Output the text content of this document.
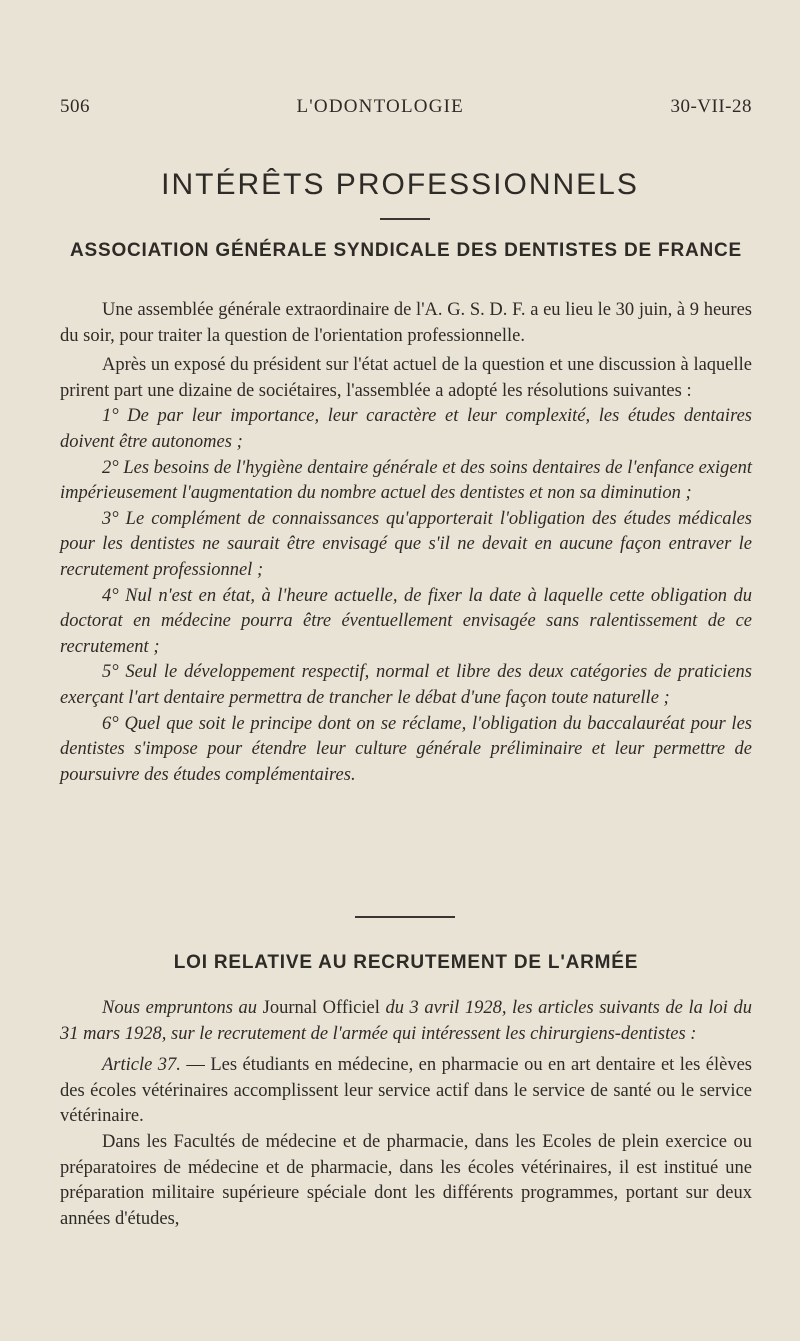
506	L'ODONTOLOGIE	30-VII-28
INTÉRÊTS PROFESSIONNELS
ASSOCIATION GÉNÉRALE SYNDICALE DES DENTISTES DE FRANCE

Une assemblée générale extraordinaire de l'A. G. S. D. F. a eu lieu le 30 juin, à 9 heures du soir, pour traiter la question de l'orientation professionnelle.

Après un exposé du président sur l'état actuel de la question et une discussion à laquelle prirent part une dizaine de sociétaires, l'assemblée a adopté les résolutions suivantes :

1° De par leur importance, leur caractère et leur complexité, les études dentaires doivent être autonomes ;

2° Les besoins de l'hygiène dentaire générale et des soins dentaires de l'enfance exigent impérieusement l'augmentation du nombre actuel des dentistes et non sa diminution ;

3° Le complément de connaissances qu'apporterait l'obligation des études médicales pour les dentistes ne saurait être envisagé que s'il ne devait en aucune façon entraver le recrutement professionnel ;

4° Nul n'est en état, à l'heure actuelle, de fixer la date à laquelle cette obligation du doctorat en médecine pourra être éventuellement envisagée sans ralentissement de ce recrutement ;

5° Seul le développement respectif, normal et libre des deux catégories de praticiens exerçant l'art dentaire permettra de trancher le débat d'une façon toute naturelle ;

6° Quel que soit le principe dont on se réclame, l'obligation du baccalauréat pour les dentistes s'impose pour étendre leur culture générale préliminaire et leur permettre de poursuivre des études complémentaires.

LOI RELATIVE AU RECRUTEMENT DE L'ARMÉE

Nous empruntons au Journal Officiel du 3 avril 1928, les articles suivants de la loi du 31 mars 1928, sur le recrutement de l'armée qui intéressent les chirurgiens-dentistes :

Article 37. — Les étudiants en médecine, en pharmacie ou en art dentaire et les élèves des écoles vétérinaires accomplissent leur service actif dans le service de santé ou le service vétérinaire.

Dans les Facultés de médecine et de pharmacie, dans les Ecoles de plein exercice ou préparatoires de médecine et de pharmacie, dans les écoles vétérinaires, il est institué une préparation militaire supérieure spéciale dont les différents programmes, portant sur deux années d'études,
